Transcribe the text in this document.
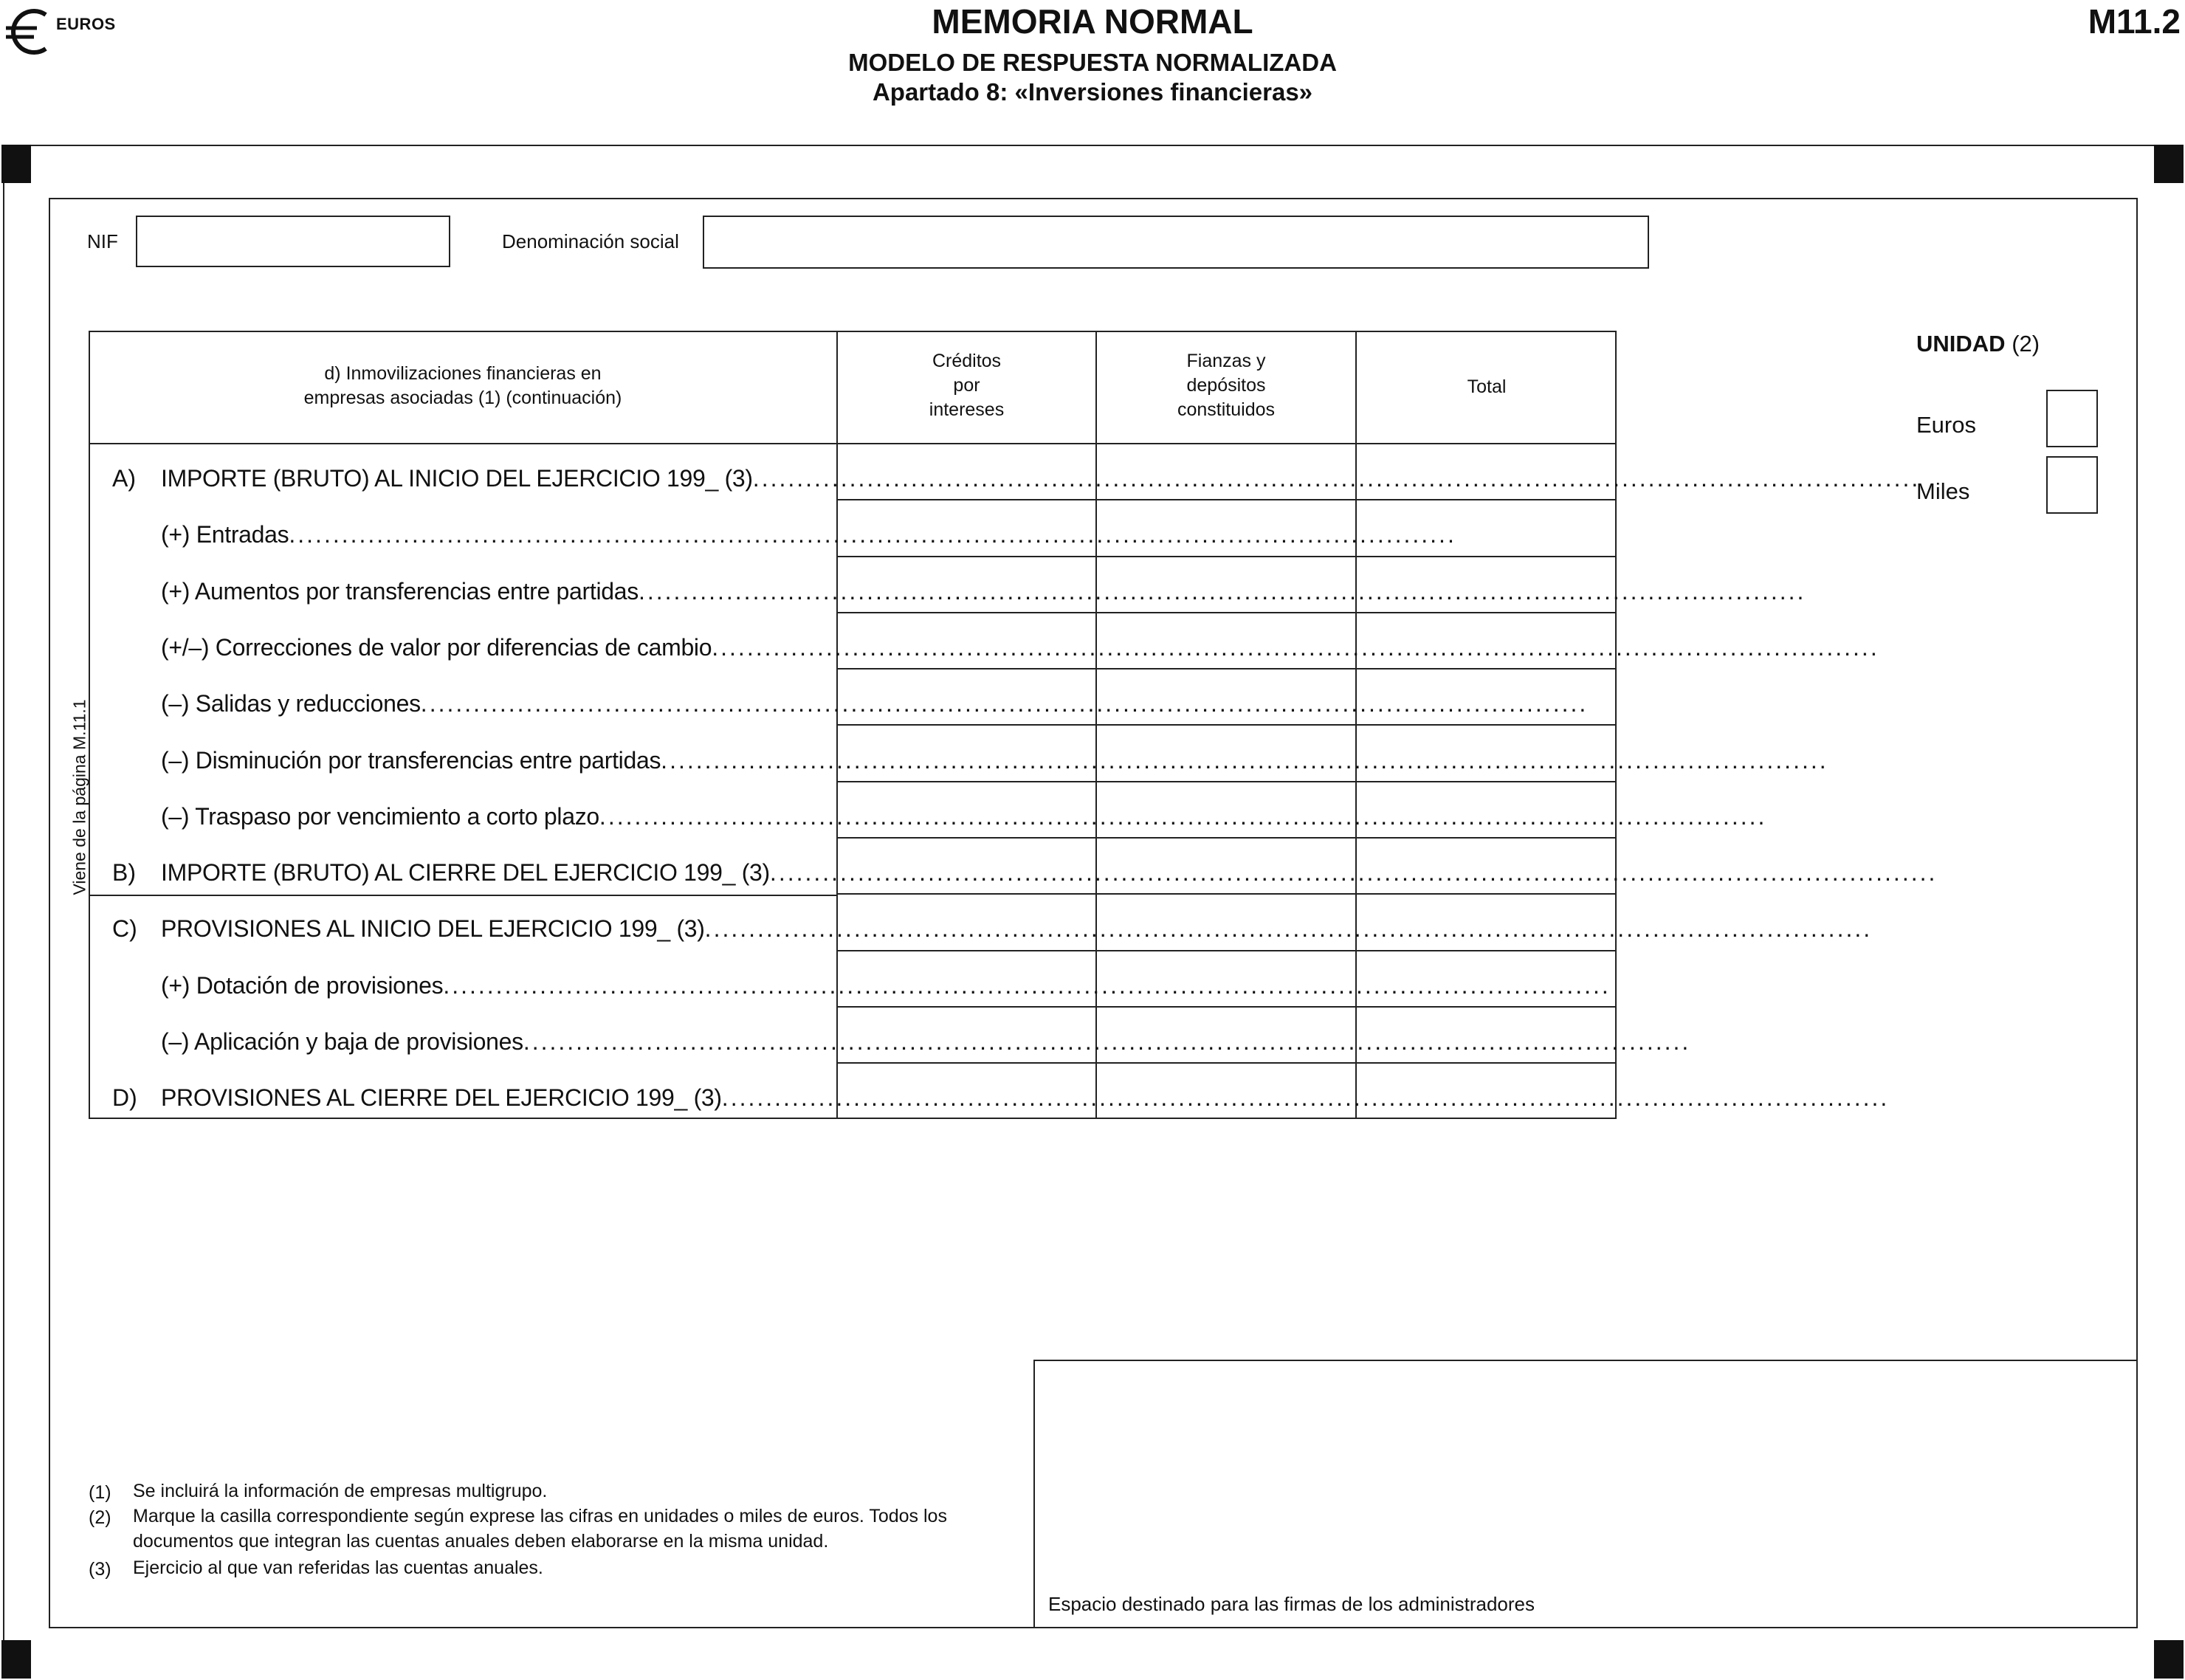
EUROS	MEMORIA NORMAL
MODELO DE RESPUESTA NORMALIZADA
Apartado 8: «Inversiones financieras»
M11.2
NIF	Denominación social
Viene de la página M.11.1
d) Inmovilizaciones financieras en
empresas asociadas (1) (continuación)
Créditos
por
intereses
Fianzas y
depósitos
constituidos
Total
A) IMPORTE (BRUTO) AL INICIO DEL EJERCICIO 199_ (3) .....................................................................................................................................
(+) Entradas .....................................................................................................................................
(+) Aumentos por transferencias entre partidas .....................................................................................................................................
(+/–) Correcciones de valor por diferencias de cambio .....................................................................................................................................
(–) Salidas y reducciones .....................................................................................................................................
(–) Disminución por transferencias entre partidas .....................................................................................................................................
(–) Traspaso por vencimiento a corto plazo .....................................................................................................................................
B) IMPORTE (BRUTO) AL CIERRE DEL EJERCICIO 199_ (3) .....................................................................................................................................
C) PROVISIONES AL INICIO DEL EJERCICIO 199_ (3) .....................................................................................................................................
(+) Dotación de provisiones .....................................................................................................................................
(–) Aplicación y baja de provisiones .....................................................................................................................................
D) PROVISIONES AL CIERRE DEL EJERCICIO 199_ (3) .....................................................................................................................................
UNIDAD (2)
Euros
Miles
(1) Se incluirá la información de empresas multigrupo.
(2) Marque la casilla correspondiente según exprese las cifras en unidades o miles de euros. Todos los
documentos que integran las cuentas anuales deben elaborarse en la misma unidad.
(3) Ejercicio al que van referidas las cuentas anuales.
Espacio destinado para las firmas de los administradores
